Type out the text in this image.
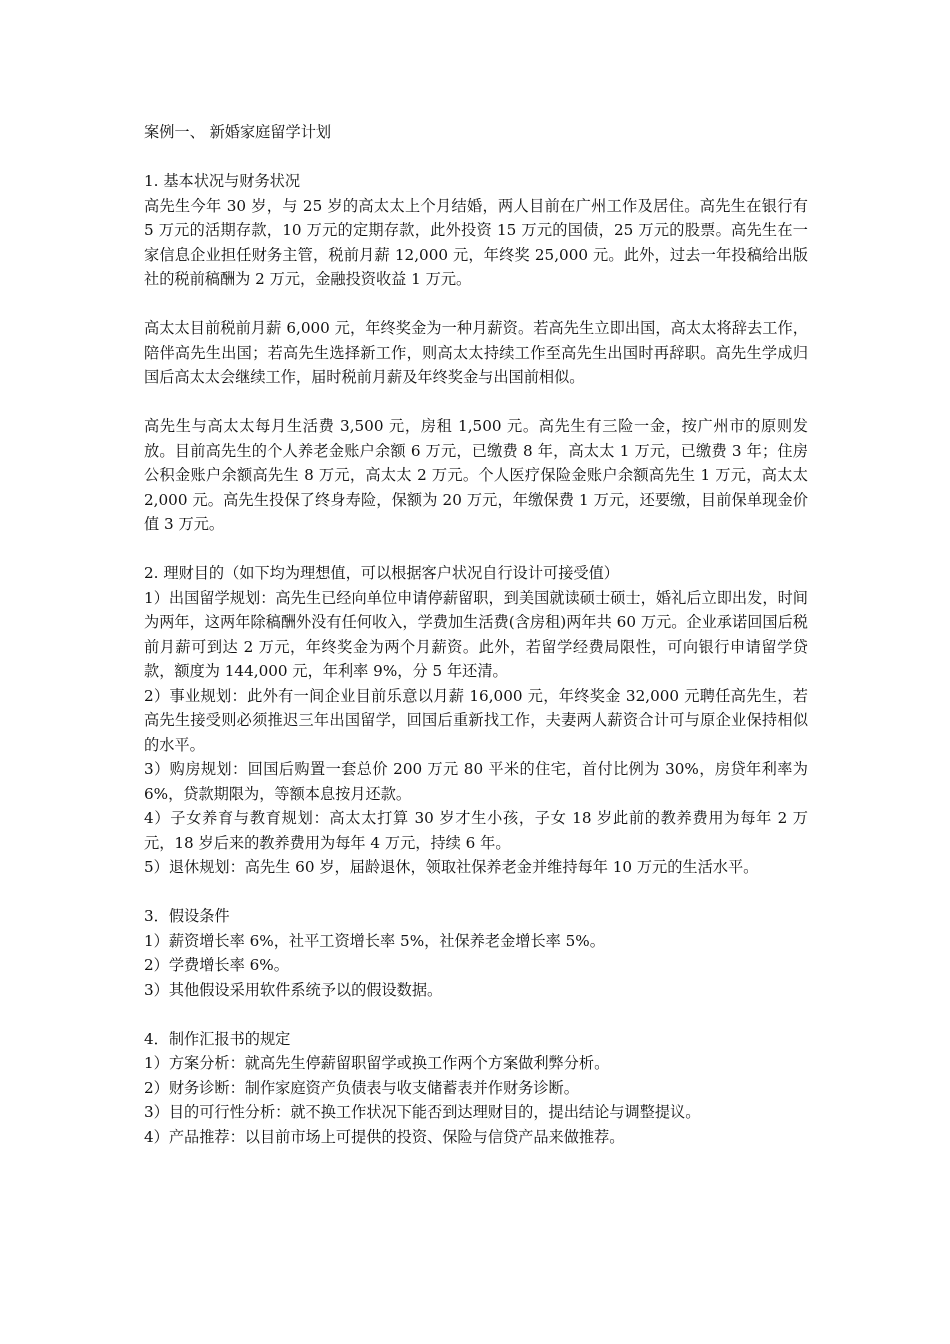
案例一、 新婚家庭留学计划

1. 基本状况与财务状况

高先生今年 30 岁，与 25 岁的高太太上个月结婚，两人目前在广州工作及居住。高先生在银行有 5 万元的活期存款，10 万元的定期存款，此外投资 15 万元的国债，25 万元的股票。高先生在一家信息企业担任财务主管，税前月薪 12,000 元，年终奖 25,000 元。此外，过去一年投稿给出版社的税前稿酬为 2 万元，金融投资收益 1 万元。

高太太目前税前月薪 6,000 元，年终奖金为一种月薪资。若高先生立即出国，高太太将辞去工作，陪伴高先生出国；若高先生选择新工作，则高太太持续工作至高先生出国时再辞职。高先生学成归国后高太太会继续工作，届时税前月薪及年终奖金与出国前相似。

高先生与高太太每月生活费 3,500 元，房租 1,500 元。高先生有三险一金，按广州市的原则发放。目前高先生的个人养老金账户余额 6 万元，已缴费 8 年，高太太 1 万元，已缴费 3 年；住房公积金账户余额高先生 8 万元，高太太 2 万元。个人医疗保险金账户余额高先生 1 万元，高太太 2,000 元。高先生投保了终身寿险，保额为 20 万元，年缴保费 1 万元，还要缴，目前保单现金价值 3 万元。

2. 理财目的（如下均为理想值，可以根据客户状况自行设计可接受值）

1）出国留学规划：高先生已经向单位申请停薪留职，到美国就读硕士硕士，婚礼后立即出发，时间为两年，这两年除稿酬外没有任何收入，学费加生活费(含房租)两年共 60 万元。企业承诺回国后税前月薪可到达 2 万元，年终奖金为两个月薪资。此外，若留学经费局限性，可向银行申请留学贷款，额度为 144,000 元，年利率 9%，分 5 年还清。

2）事业规划：此外有一间企业目前乐意以月薪 16,000 元，年终奖金 32,000 元聘任高先生，若高先生接受则必须推迟三年出国留学，回国后重新找工作，夫妻两人薪资合计可与原企业保持相似的水平。

3）购房规划：回国后购置一套总价 200 万元 80 平米的住宅，首付比例为 30%，房贷年利率为 6%，贷款期限为，等额本息按月还款。

4）子女养育与教育规划：高太太打算 30 岁才生小孩，子女 18 岁此前的教养费用为每年 2 万元，18 岁后来的教养费用为每年 4 万元，持续 6 年。

5）退休规划：高先生 60 岁，届龄退休，领取社保养老金并维持每年 10 万元的生活水平。

3．假设条件

1）薪资增长率 6%，社平工资增长率 5%，社保养老金增长率 5%。

2）学费增长率 6%。

3）其他假设采用软件系统予以的假设数据。

4．制作汇报书的规定

1）方案分析：就高先生停薪留职留学或换工作两个方案做利弊分析。

2）财务诊断：制作家庭资产负债表与收支储蓄表并作财务诊断。

3）目的可行性分析：就不换工作状况下能否到达理财目的，提出结论与调整提议。

4）产品推荐：以目前市场上可提供的投资、保险与信贷产品来做推荐。
